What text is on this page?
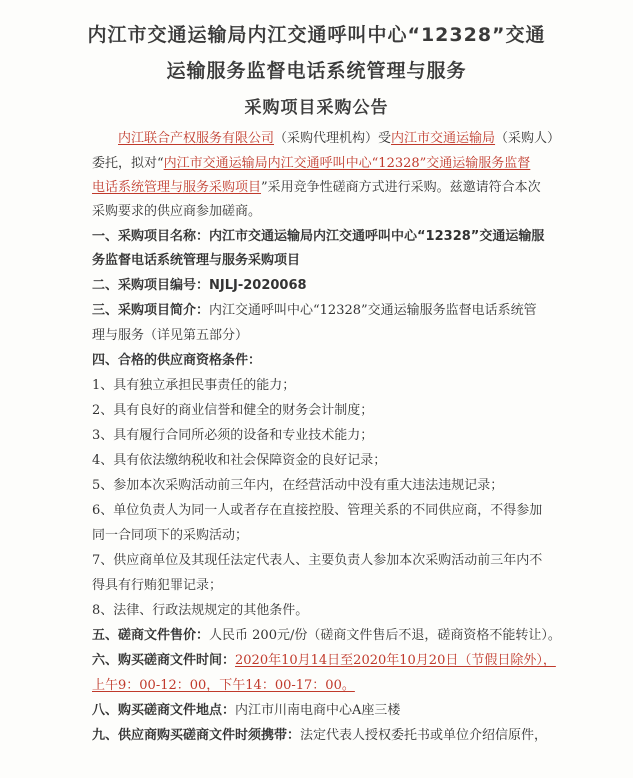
内江市交通运输局内江交通呼叫中心“12328”交通
运输服务监督电话系统管理与服务
采购项目采购公告
内江联合产权服务有限公司（采购代理机构）受内江市交通运输局（采购人）
委托，拟对“内江市交通运输局内江交通呼叫中心“12328”交通运输服务监督
电话系统管理与服务采购项目”采用竞争性磋商方式进行采购。兹邀请符合本次
采购要求的供应商参加磋商。
一、采购项目名称：内江市交通运输局内江交通呼叫中心“12328”交通运输服
务监督电话系统管理与服务采购项目
二、采购项目编号：NJLJ-2020068
三、采购项目简介：内江交通呼叫中心“12328”交通运输服务监督电话系统管
理与服务（详见第五部分）
四、合格的供应商资格条件：
1、具有独立承担民事责任的能力；
2、具有良好的商业信誉和健全的财务会计制度；
3、具有履行合同所必须的设备和专业技术能力；
4、具有依法缴纳税收和社会保障资金的良好记录；
5、参加本次采购活动前三年内，在经营活动中没有重大违法违规记录；
6、单位负责人为同一人或者存在直接控股、管理关系的不同供应商，不得参加
同一合同项下的采购活动；
7、供应商单位及其现任法定代表人、主要负责人参加本次采购活动前三年内不
得具有行贿犯罪记录；
8、法律、行政法规规定的其他条件。
五、磋商文件售价：人民币 200元/份（磋商文件售后不退，磋商资格不能转让）。
六、购买磋商文件时间：2020年10月14日至2020年10月20日（节假日除外），
上午9：00-12：00，下午14：00-17：00。
八、购买磋商文件地点：内江市川南电商中心A座三楼
九、供应商购买磋商文件时须携带：法定代表人授权委托书或单位介绍信原件，
